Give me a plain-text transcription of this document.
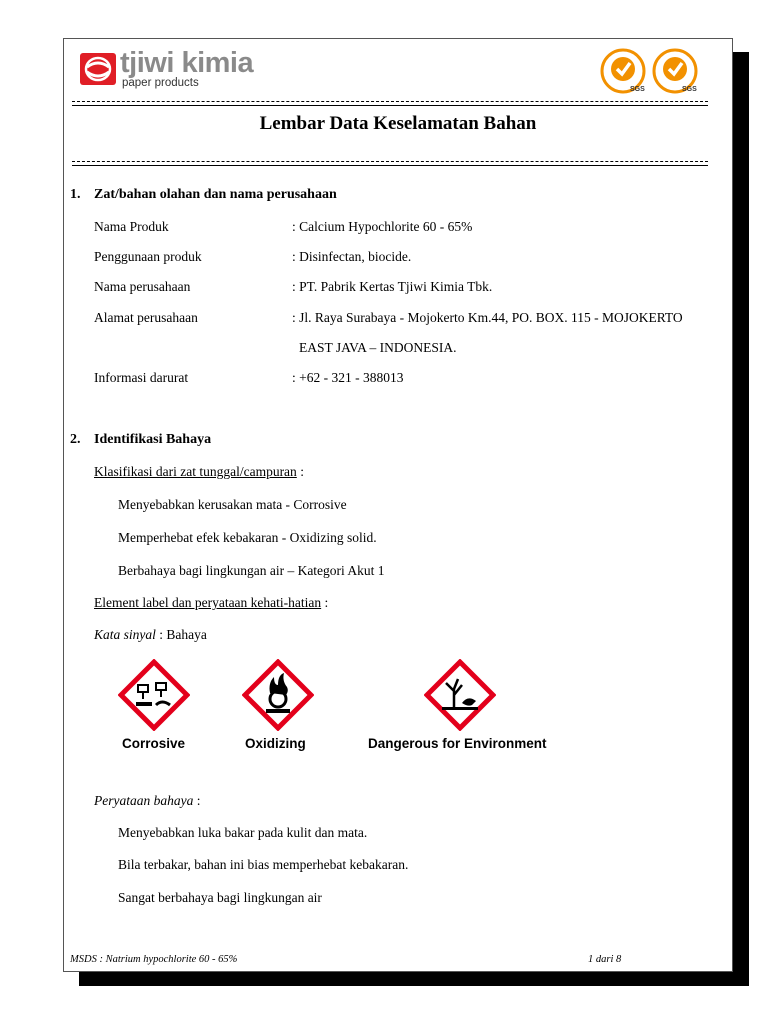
tjiwi kimia
paper products
SGS	SGS
Lembar Data Keselamatan Bahan
1. Zat/bahan olahan dan nama perusahaan
Nama Produk	: Calcium Hypochlorite 60 - 65%
Penggunaan produk	: Disinfectan, biocide.
Nama perusahaan	: PT. Pabrik Kertas Tjiwi Kimia Tbk.
Alamat perusahaan	: Jl. Raya Surabaya - Mojokerto Km.44, PO. BOX. 115 - MOJOKERTO
EAST JAVA – INDONESIA.
Informasi darurat	: +62 - 321 - 388013
2. Identifikasi Bahaya
Klasifikasi dari zat tunggal/campuran :
Menyebabkan kerusakan mata - Corrosive
Memperhebat efek kebakaran - Oxidizing solid.
Berbahaya bagi lingkungan air – Kategori Akut 1
Element label dan peryataan kehati-hatian :
Kata sinyal : Bahaya
Corrosive	Oxidizing	Dangerous for Environment
Peryataan bahaya :
Menyebabkan luka bakar pada kulit dan mata.
Bila terbakar, bahan ini bias memperhebat kebakaran.
Sangat berbahaya bagi lingkungan air
MSDS : Natrium hypochlorite 60 - 65%	1 dari 8
